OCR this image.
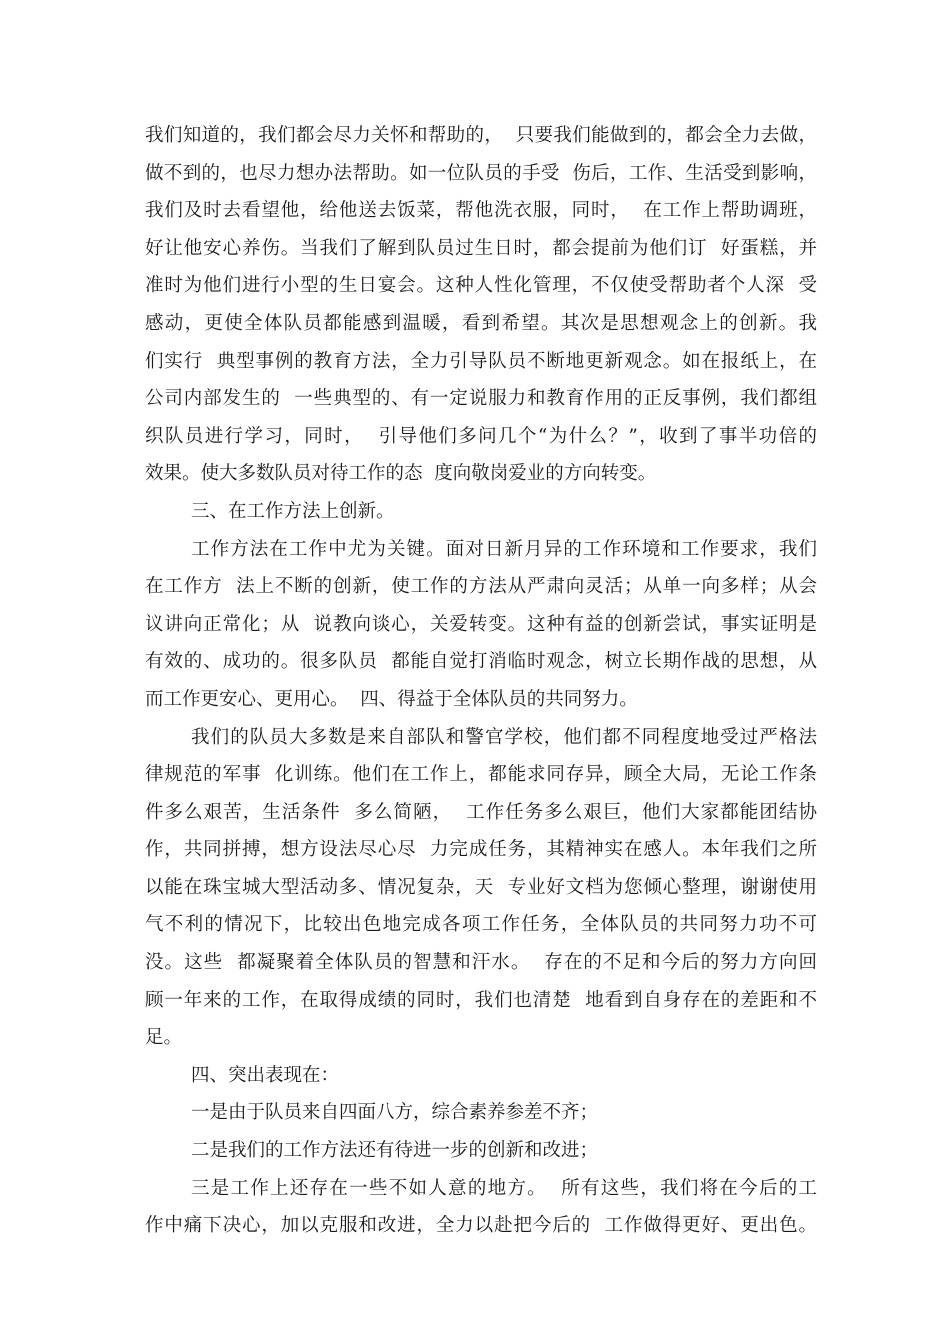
我们知道的，我们都会尽力关怀和帮助的，  只要我们能做到的，都会全力去做，
做不到的，也尽力想办法帮助。如一位队员的手受  伤后，工作、生活受到影响，
我们及时去看望他，给他送去饭菜，帮他洗衣服，同时，  在工作上帮助调班，
好让他安心养伤。当我们了解到队员过生日时，都会提前为他们订  好蛋糕，并
准时为他们进行小型的生日宴会。这种人性化管理，不仅使受帮助者个人深  受
感动，更使全体队员都能感到温暖，看到希望。其次是思想观念上的创新。我
们实行  典型事例的教育方法，全力引导队员不断地更新观念。如在报纸上，在
公司内部发生的  一些典型的、有一定说服力和教育作用的正反事例，我们都组
织队员进行学习，同时，  引导他们多问几个“为什么？”，收到了事半功倍的
效果。使大多数队员对待工作的态  度向敬岗爱业的方向转变。
三、在工作方法上创新。
工作方法在工作中尤为关键。面对日新月异的工作环境和工作要求，我们
在工作方  法上不断的创新，使工作的方法从严肃向灵活；从单一向多样；从会
议讲向正常化；从  说教向谈心，关爱转变。这种有益的创新尝试，事实证明是
有效的、成功的。很多队员  都能自觉打消临时观念，树立长期作战的思想，从
而工作更安心、更用心。  四、得益于全体队员的共同努力。
我们的队员大多数是来自部队和警官学校，他们都不同程度地受过严格法
律规范的军事  化训练。他们在工作上，都能求同存异，顾全大局，无论工作条
件多么艰苦，生活条件  多么简陋，  工作任务多么艰巨，他们大家都能团结协
作，共同拼搏，想方设法尽心尽  力完成任务，其精神实在感人。本年我们之所
以能在珠宝城大型活动多、情况复杂，天  专业好文档为您倾心整理，谢谢使用
气不利的情况下，比较出色地完成各项工作任务，全体队员的共同努力功不可
没。这些  都凝聚着全体队员的智慧和汗水。  存在的不足和今后的努力方向回
顾一年来的工作，在取得成绩的同时，我们也清楚  地看到自身存在的差距和不
足。
四、突出表现在：
一是由于队员来自四面八方，综合素养参差不齐；
二是我们的工作方法还有待进一步的创新和改进；
三是工作上还存在一些不如人意的地方。  所有这些，我们将在今后的工
作中痛下决心，加以克服和改进，全力以赴把今后的  工作做得更好、更出色。
